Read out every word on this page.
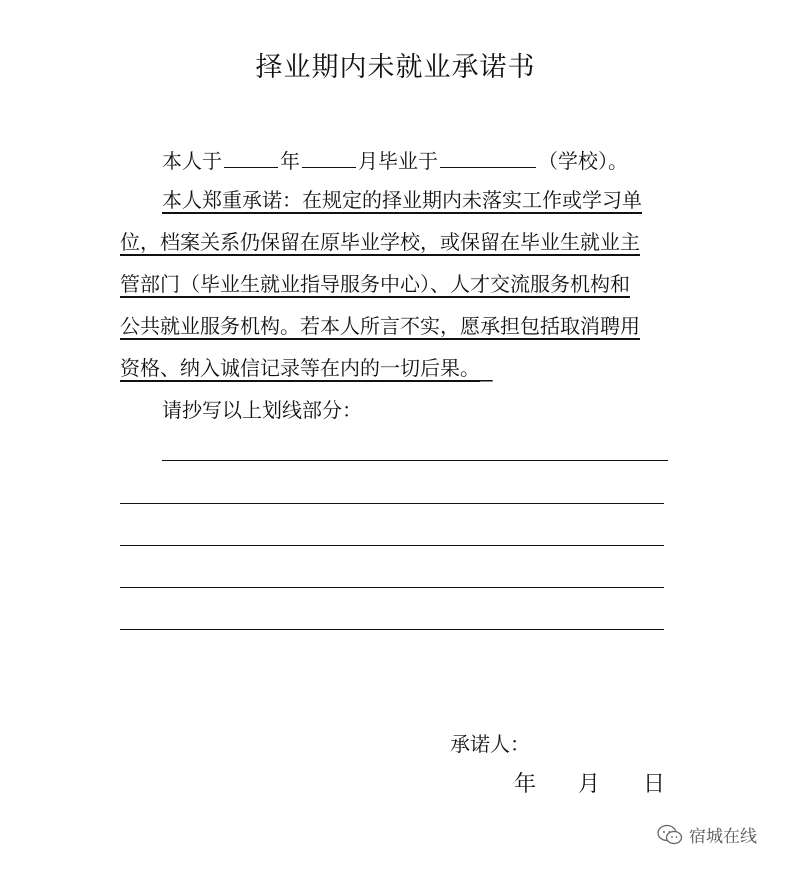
择业期内未就业承诺书
本人于	年	月毕业于	（学校）。
本人郑重承诺：在规定的择业期内未落实工作或学习单
位，档案关系仍保留在原毕业学校，或保留在毕业生就业主
管部门（毕业生就业指导服务中心）、人才交流服务机构和
公共就业服务机构。若本人所言不实，愿承担包括取消聘用
资格、纳入诚信记录等在内的一切后果。
请抄写以上划线部分：
承诺人：
年 月 日
宿城在线
